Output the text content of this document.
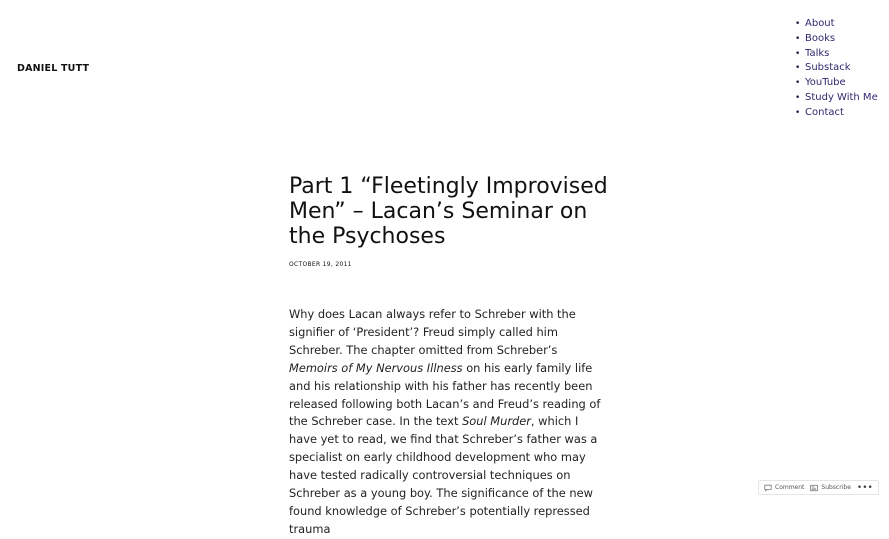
DANIEL TUTT
• About
• Books
• Talks
• Substack
• YouTube
• Study With Me
• Contact
Part 1 “Fleetingly Improvised Men” – Lacan’s Seminar on the Psychoses
OCTOBER 19, 2011

Why does Lacan always refer to Schreber with the signifier of ‘President’? Freud simply called him Schreber. The chapter omitted from Schreber’s Memoirs of My Nervous Illness on his early family life and his relationship with his father has recently been released following both Lacan’s and Freud’s reading of the Schreber case. In the text Soul Murder, which I have yet to read, we find that Schreber’s father was a specialist on early childhood development who may have tested radically controversial techniques on Schreber as a young boy. The significance of the new found knowledge of Schreber’s potentially repressed trauma

Comment	Subscribe •••
